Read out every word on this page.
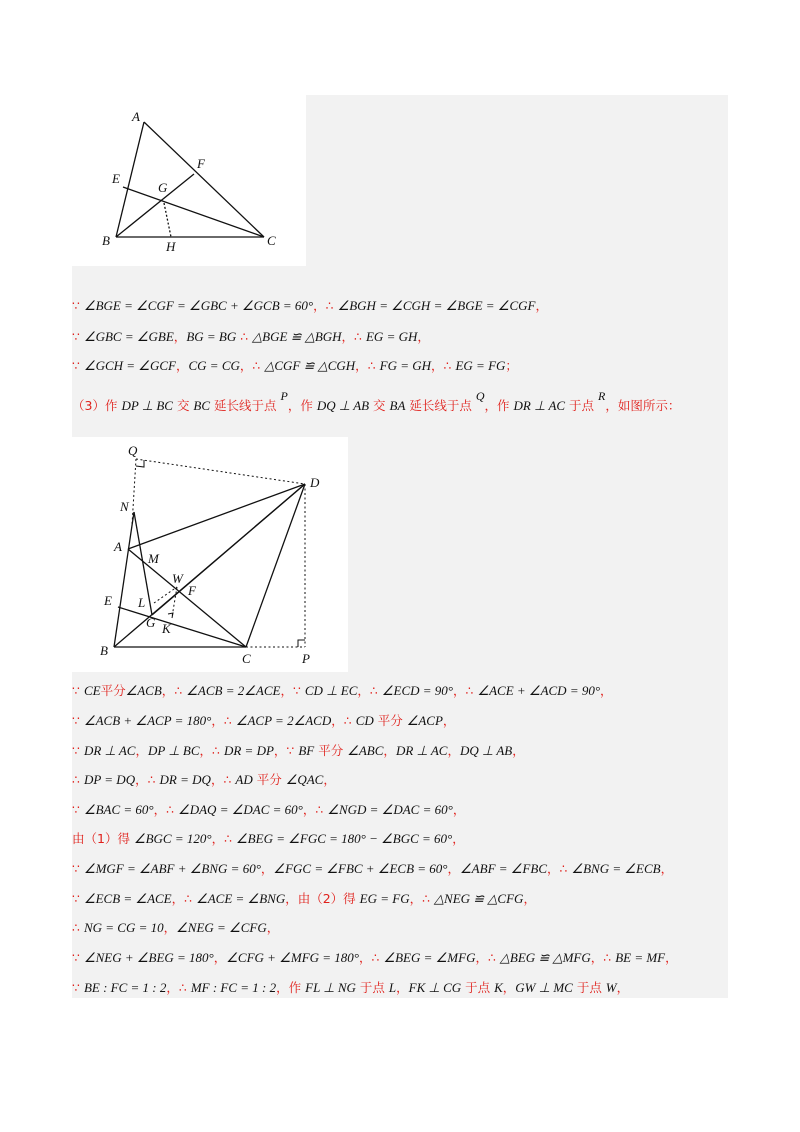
A
E
F
G
B	H	C
∵ ∠BGE = ∠CGF = ∠GBC + ∠GCB = 60°，∴ ∠BGH = ∠CGH = ∠BGE = ∠CGF，
∵ ∠GBC = ∠GBE，BG = BG ∴ △BGE ≌ △BGH，∴ EG = GH，
∵ ∠GCH = ∠GCF，CG = CG，∴ △CGF ≌ △CGH，∴ FG = GH，∴ EG = FG；
（3）作 DP ⊥ BC 交 BC 延长线于点 P，作 DQ ⊥ AB 交 BA 延长线于点 Q，作 DR ⊥ AC 于点 R，如图所示：
Q
D
N
A
M
W
F
E L
G K
B
C	P
∵ CE平分∠ACB，∴ ∠ACB = 2∠ACE，∵ CD ⊥ EC，∴ ∠ECD = 90°，∴ ∠ACE + ∠ACD = 90°，
∵ ∠ACB + ∠ACP = 180°，∴ ∠ACP = 2∠ACD，∴ CD 平分 ∠ACP，
∵ DR ⊥ AC，DP ⊥ BC，∴ DR = DP，∵ BF 平分 ∠ABC，DR ⊥ AC，DQ ⊥ AB，
∴ DP = DQ，∴ DR = DQ，∴ AD 平分 ∠QAC，
∵ ∠BAC = 60°，∴ ∠DAQ = ∠DAC = 60°，∴ ∠NGD = ∠DAC = 60°，
由（1）得 ∠BGC = 120°，∴ ∠BEG = ∠FGC = 180° − ∠BGC = 60°，
∵ ∠MGF = ∠ABF + ∠BNG = 60°，∠FGC = ∠FBC + ∠ECB = 60°，∠ABF = ∠FBC，∴ ∠BNG = ∠ECB，
∵ ∠ECB = ∠ACE，∴ ∠ACE = ∠BNG，由（2）得 EG = FG，∴ △NEG ≌ △CFG，
∴ NG = CG = 10，∠NEG = ∠CFG，
∵ ∠NEG + ∠BEG = 180°，∠CFG + ∠MFG = 180°，∴ ∠BEG = ∠MFG，∴ △BEG ≌ △MFG，∴ BE = MF，
∵ BE : FC = 1 : 2，∴ MF : FC = 1 : 2，作 FL ⊥ NG 于点 L，FK ⊥ CG 于点 K，GW ⊥ MC 于点 W，
